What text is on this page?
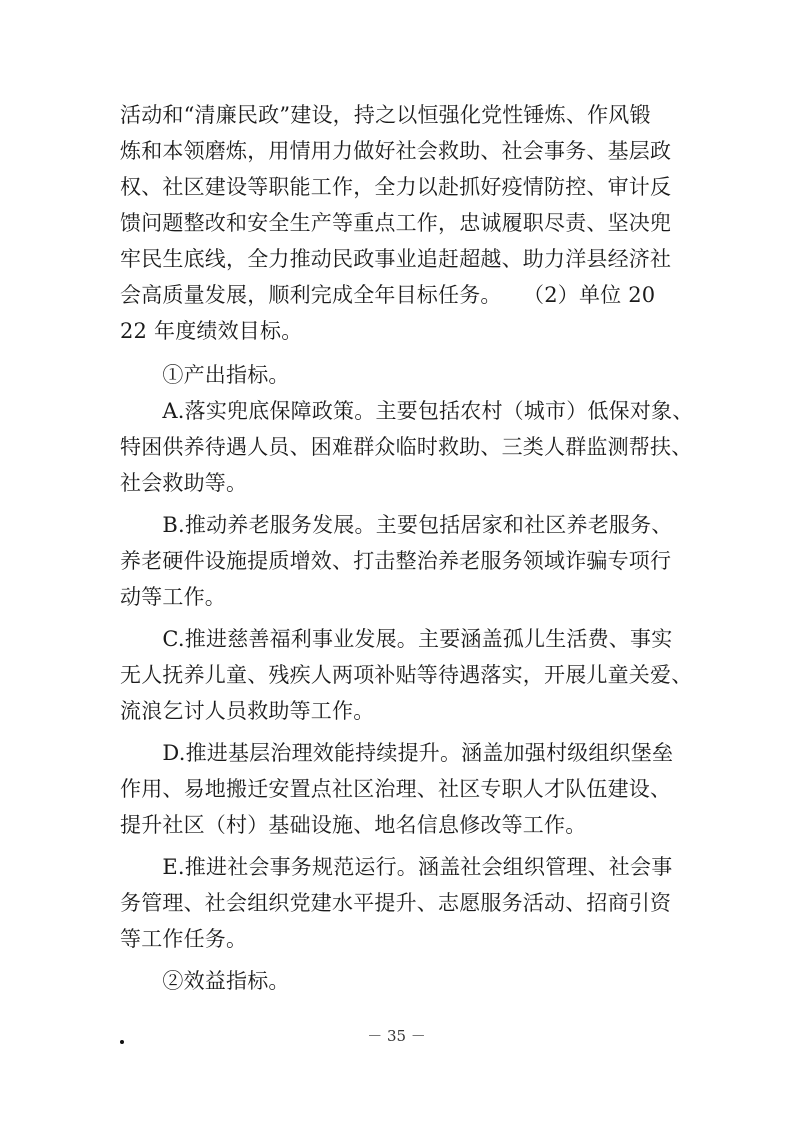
活动和“清廉民政”建设，持之以恒强化党性锤炼、作风锻
炼和本领磨炼，用情用力做好社会救助、社会事务、基层政
权、社区建设等职能工作，全力以赴抓好疫情防控、审计反
馈问题整改和安全生产等重点工作，忠诚履职尽责、坚决兜
牢民生底线，全力推动民政事业追赶超越、助力洋县经济社
会高质量发展，顺利完成全年目标任务。　　（2）单位 20
22 年度绩效目标。
　　①产出指标。
　　A.落实兜底保障政策。主要包括农村（城市）低保对象、
特困供养待遇人员、困难群众临时救助、三类人群监测帮扶、
社会救助等。
　　B.推动养老服务发展。主要包括居家和社区养老服务、
养老硬件设施提质增效、打击整治养老服务领域诈骗专项行
动等工作。
　　C.推进慈善福利事业发展。主要涵盖孤儿生活费、事实
无人抚养儿童、残疾人两项补贴等待遇落实，开展儿童关爱、
流浪乞讨人员救助等工作。
　　D.推进基层治理效能持续提升。涵盖加强村级组织堡垒
作用、易地搬迁安置点社区治理、社区专职人才队伍建设、
提升社区（村）基础设施、地名信息修改等工作。
　　E.推进社会事务规范运行。涵盖社会组织管理、社会事
务管理、社会组织党建水平提升、志愿服务活动、招商引资
等工作任务。
　　②效益指标。
－ 35 －
